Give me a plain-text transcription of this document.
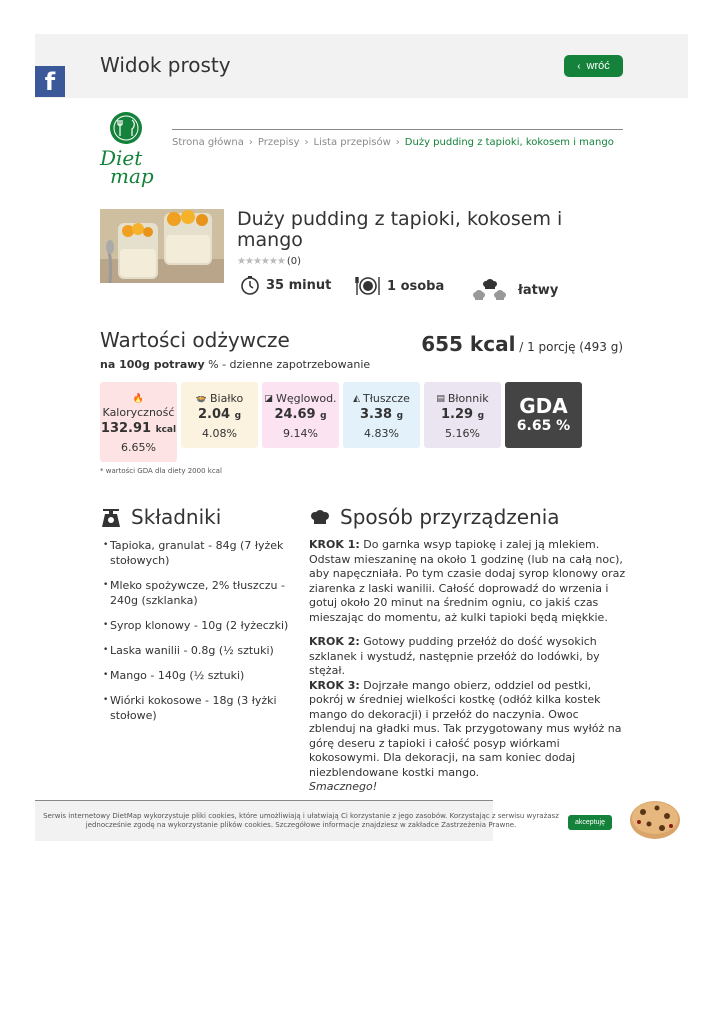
Widok prosty	‹ wróć
f
Diet
map
Strona główna › Przepisy › Lista przepisów › Duży pudding z tapioki, kokosem i mango
Duży pudding z tapioki, kokosem i mango
★ ★ ★ ★ ★ ★ (0)
35 minut	1 osoba	łatwy
Wartości odżywcze
na 100g potrawy % - dzienne zapotrzebowanie
655 kcal / 1 porcję (493 g)
🔥
Kaloryczność
132.91 kcal
6.65%
🍲 Białko
2.04 g
4.08%
◪ Węglowod.
24.69 g
9.14%
◭ Tłuszcze
3.38 g
4.83%
▤ Błonnik
1.29 g
5.16%
GDA
6.65 %
* wartości GDA dla diety 2000 kcal
Składniki
• Tapioka, granulat - 84g (7 łyżek stołowych)
• Mleko spożywcze, 2% tłuszczu - 240g (szklanka)
• Syrop klonowy - 10g (2 łyżeczki)
• Laska wanilii - 0.8g (½ sztuki)
• Mango - 140g (½ sztuki)
• Wiórki kokosowe - 18g (3 łyżki stołowe)
Sposób przyrządzenia

KROK 1: Do garnka wsyp tapiokę i zalej ją mlekiem. Odstaw mieszaninę na około 1 godzinę (lub na całą noc), aby napęczniała. Po tym czasie dodaj syrop klonowy oraz ziarenka z laski wanilii. Całość doprowadź do wrzenia i gotuj około 20 minut na średnim ogniu, co jakiś czas mieszając do momentu, aż kulki tapioki będą miękkie.

KROK 2: Gotowy pudding przełóż do dość wysokich szklanek i wystudź, następnie przełóż do lodówki, by stężał.

KROK 3: Dojrzałe mango obierz, oddziel od pestki, pokrój w średniej wielkości kostkę (odłóż kilka kostek mango do dekoracji) i przełóż do naczynia. Owoc zblenduj na gładki mus. Tak przygotowany mus wyłóż na górę deseru z tapioki i całość posyp wiórkami kokosowymi. Dla dekoracji, na sam koniec dodaj niezblendowane kostki mango.

Smacznego!

Serwis internetowy DietMap wykorzystuje pliki cookies, które umożliwiają i ułatwiają Ci korzystanie z jego zasobów. Korzystając z serwisu wyrażasz jednocześnie zgodę na wykorzystanie plików cookies. Szczegółowe informacje znajdziesz w zakładce Zastrzeżenia Prawne.	akceptuję
